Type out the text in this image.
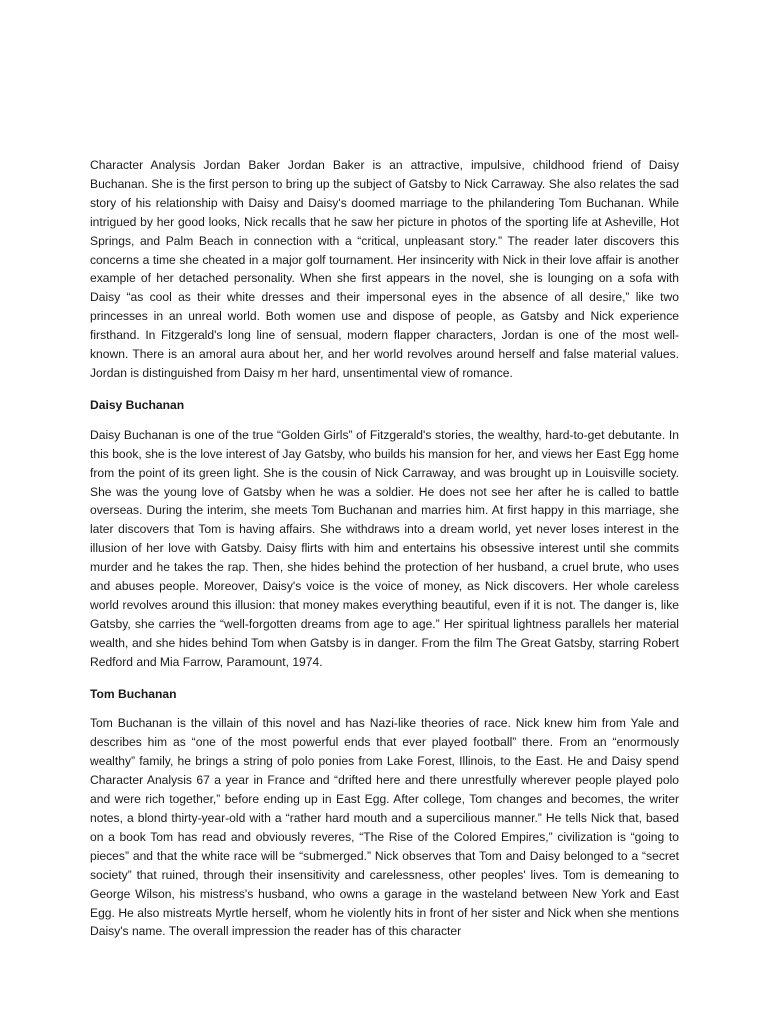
Character Analysis Jordan Baker Jordan Baker is an attractive, impulsive, childhood friend of Daisy Buchanan. She is the first person to bring up the subject of Gatsby to Nick Carraway. She also relates the sad story of his relationship with Daisy and Daisy's doomed marriage to the philandering Tom Buchanan. While intrigued by her good looks, Nick recalls that he saw her picture in photos of the sporting life at Asheville, Hot Springs, and Palm Beach in connection with a “critical, unpleasant story.” The reader later discovers this concerns a time she cheated in a major golf tournament. Her insincerity with Nick in their love affair is another example of her detached personality. When she first appears in the novel, she is lounging on a sofa with Daisy “as cool as their white dresses and their impersonal eyes in the absence of all desire,” like two princesses in an unreal world. Both women use and dispose of people, as Gatsby and Nick experience firsthand. In Fitzgerald's long line of sensual, modern flapper characters, Jordan is one of the most well-known. There is an amoral aura about her, and her world revolves around herself and false material values. Jordan is distinguished from Daisy m her hard, unsentimental view of romance.

Daisy Buchanan

Daisy Buchanan is one of the true “Golden Girls” of Fitzgerald's stories, the wealthy, hard-to-get debutante. In this book, she is the love interest of Jay Gatsby, who builds his mansion for her, and views her East Egg home from the point of its green light. She is the cousin of Nick Carraway, and was brought up in Louisville society. She was the young love of Gatsby when he was a soldier. He does not see her after he is called to battle overseas. During the interim, she meets Tom Buchanan and marries him. At first happy in this marriage, she later discovers that Tom is having affairs. She withdraws into a dream world, yet never loses interest in the illusion of her love with Gatsby. Daisy flirts with him and entertains his obsessive interest until she commits murder and he takes the rap. Then, she hides behind the protection of her husband, a cruel brute, who uses and abuses people. Moreover, Daisy's voice is the voice of money, as Nick discovers. Her whole careless world revolves around this illusion: that money makes everything beautiful, even if it is not. The danger is, like Gatsby, she carries the “well-forgotten dreams from age to age.” Her spiritual lightness parallels her material wealth, and she hides behind Tom when Gatsby is in danger. From the film The Great Gatsby, starring Robert Redford and Mia Farrow, Paramount, 1974.

Tom Buchanan

Tom Buchanan is the villain of this novel and has Nazi-like theories of race. Nick knew him from Yale and describes him as “one of the most powerful ends that ever played football” there. From an “enormously wealthy” family, he brings a string of polo ponies from Lake Forest, Illinois, to the East. He and Daisy spend Character Analysis 67 a year in France and “drifted here and there unrestfully wherever people played polo and were rich together,” before ending up in East Egg. After college, Tom changes and becomes, the writer notes, a blond thirty-year-old with a “rather hard mouth and a supercilious manner.” He tells Nick that, based on a book Tom has read and obviously reveres, “The Rise of the Colored Empires,” civilization is “going to pieces” and that the white race will be “submerged.” Nick observes that Tom and Daisy belonged to a “secret society” that ruined, through their insensitivity and carelessness, other peoples' lives. Tom is demeaning to George Wilson, his mistress's husband, who owns a garage in the wasteland between New York and East Egg. He also mistreats Myrtle herself, whom he violently hits in front of her sister and Nick when she mentions Daisy's name. The overall impression the reader has of this character
